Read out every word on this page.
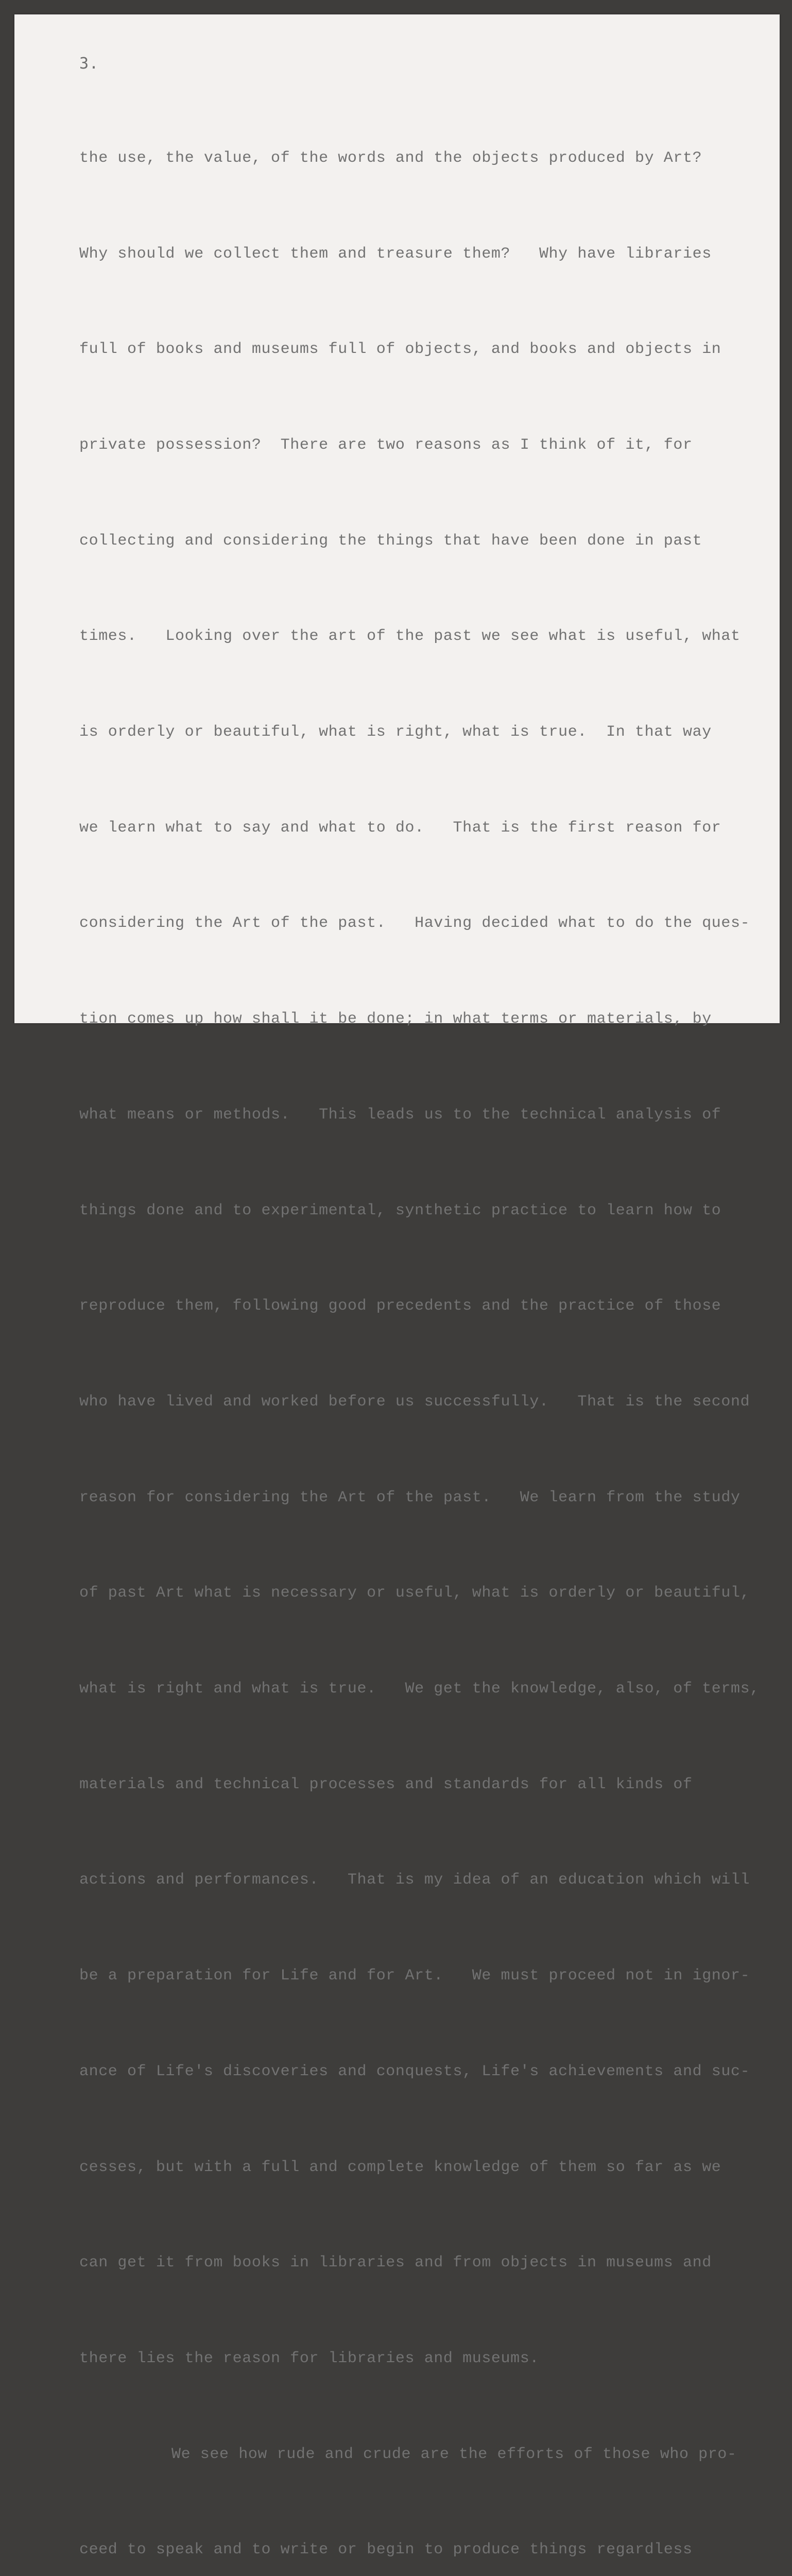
3.

the use, the value, of the words and the objects produced by Art?

Why should we collect them and treasure them?   Why have libraries

full of books and museums full of objects, and books and objects in

private possession?  There are two reasons as I think of it, for

collecting and considering the things that have been done in past

times.   Looking over the art of the past we see what is useful, what

is orderly or beautiful, what is right, what is true.  In that way

we learn what to say and what to do.   That is the first reason for

considering the Art of the past.   Having decided what to do the ques-

tion comes up how shall it be done; in what terms or materials, by

what means or methods.   This leads us to the technical analysis of

things done and to experimental, synthetic practice to learn how to

reproduce them, following good precedents and the practice of those

who have lived and worked before us successfully.   That is the second

reason for considering the Art of the past.   We learn from the study

of past Art what is necessary or useful, what is orderly or beautiful,

what is right and what is true.   We get the knowledge, also, of terms,

materials and technical processes and standards for all kinds of

actions and performances.   That is my idea of an education which will

be a preparation for Life and for Art.   We must proceed not in ignor-

ance of Life's discoveries and conquests, Life's achievements and suc-

cesses, but with a full and complete knowledge of them so far as we

can get it from books in libraries and from objects in museums and

there lies the reason for libraries and museums.

We see how rude and crude are the efforts of those who pro-

ceed to speak and to write or begin to produce things regardless
